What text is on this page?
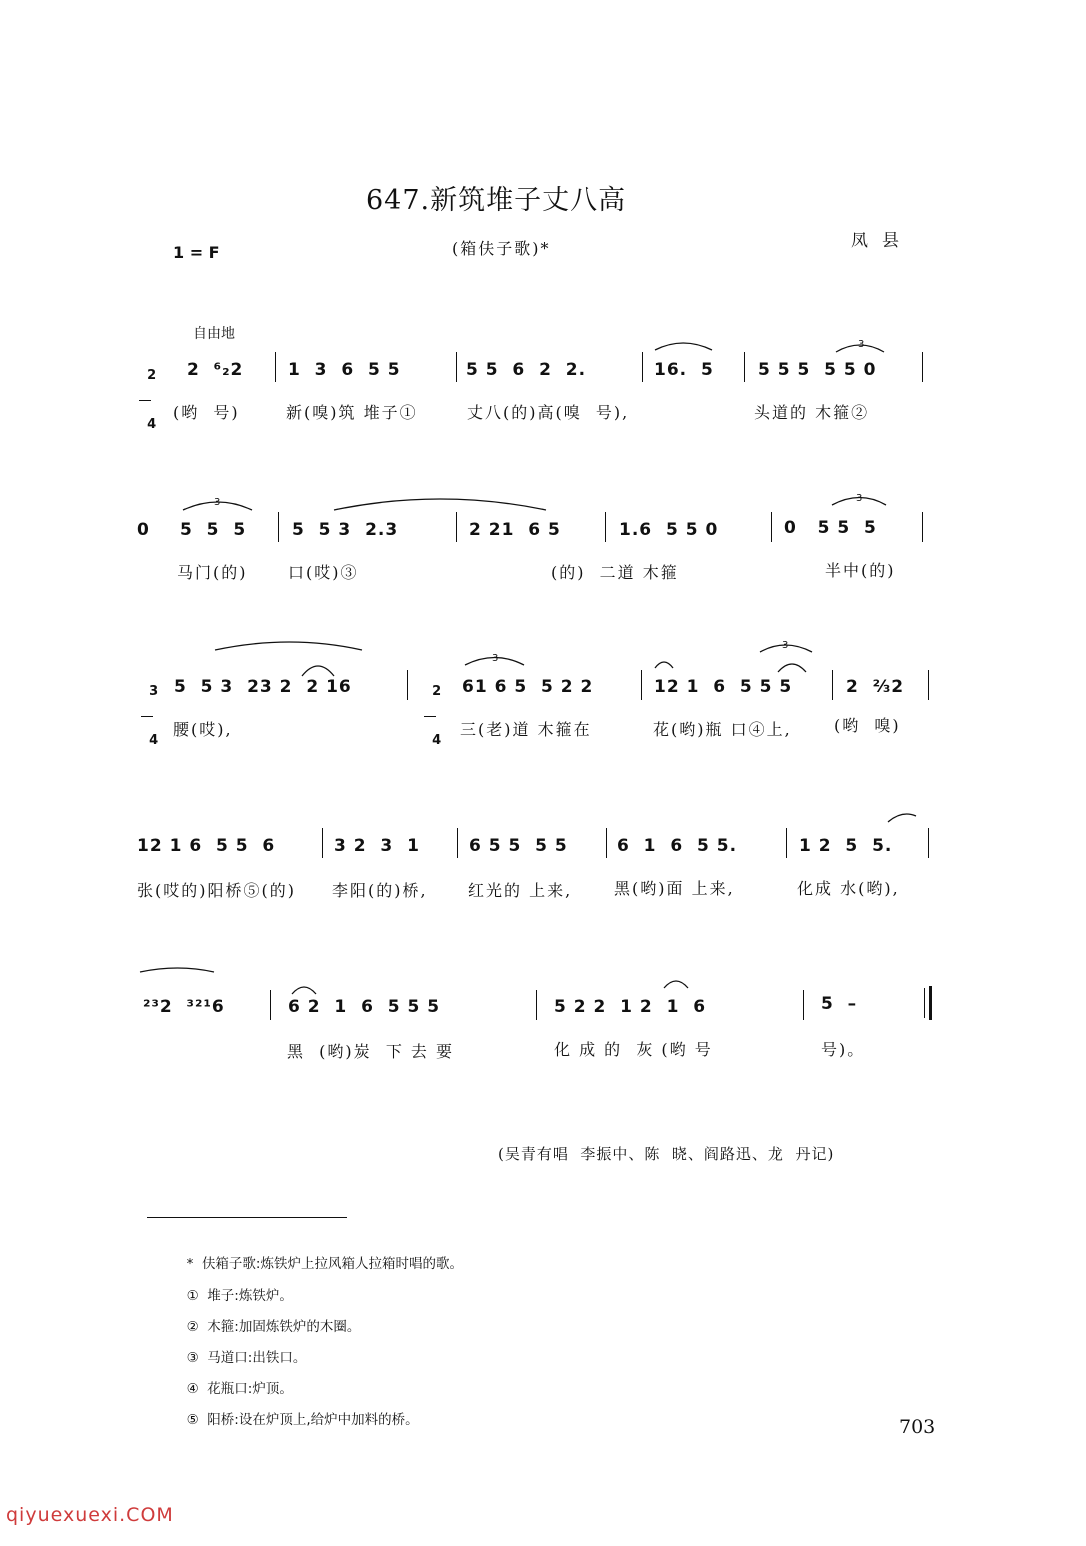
647.新筑堆子丈八高
(箱伕子歌)*
1 = F
凤县
自由地
3
3	3
3
3

2

4

3

4

2

4

2  ⁶₂2	1  3  6  5 5	5 5  6  2  2.	16.  5	5 5 5  5 5 0
(哟  号)	新(嗅)筑 堆子①	丈八(的)高(嗅  号),	头道的 木箍②
0 5  5  5	5  5 3  2.3	2 21  6 5	1.6  5 5 0	0   5 5  5
马门(的)	口(哎)③	(的)  二道 木箍	半中(的)
5  5 3  23 2  2 16	61 6 5  5 2 2	12 1  6  5 5 5	2  ⅔2
腰(哎),	三(老)道 木箍在	花(哟)瓶 口④上,	(哟  嗅)
12 1 6  5 5  6	3 2  3  1	6 5 5  5 5	6  1  6  5 5.	1 2  5  5.
张(哎的)阳桥⑤(的) 李阳(的)桥,	红光的 上来,	黑(哟)面 上来,	化成 水(哟),
²³2  ³²¹6	6 2  1  6  5 5 5	5 2 2  1 2  1  6	5  –
黑  (哟)炭  下 去 要	化 成 的  灰 (哟 号	号)。
(吴青有唱  李振中、陈  晓、阎路迅、龙  丹记)

* 伕箱子歌:炼铁炉上拉风箱人拉箱时唱的歌。

① 堆子:炼铁炉。

② 木箍:加固炼铁炉的木圈。

③ 马道口:出铁口。

④ 花瓶口:炉顶。

⑤ 阳桥:设在炉顶上,给炉中加料的桥。	703
qiyuexuexi.COM
